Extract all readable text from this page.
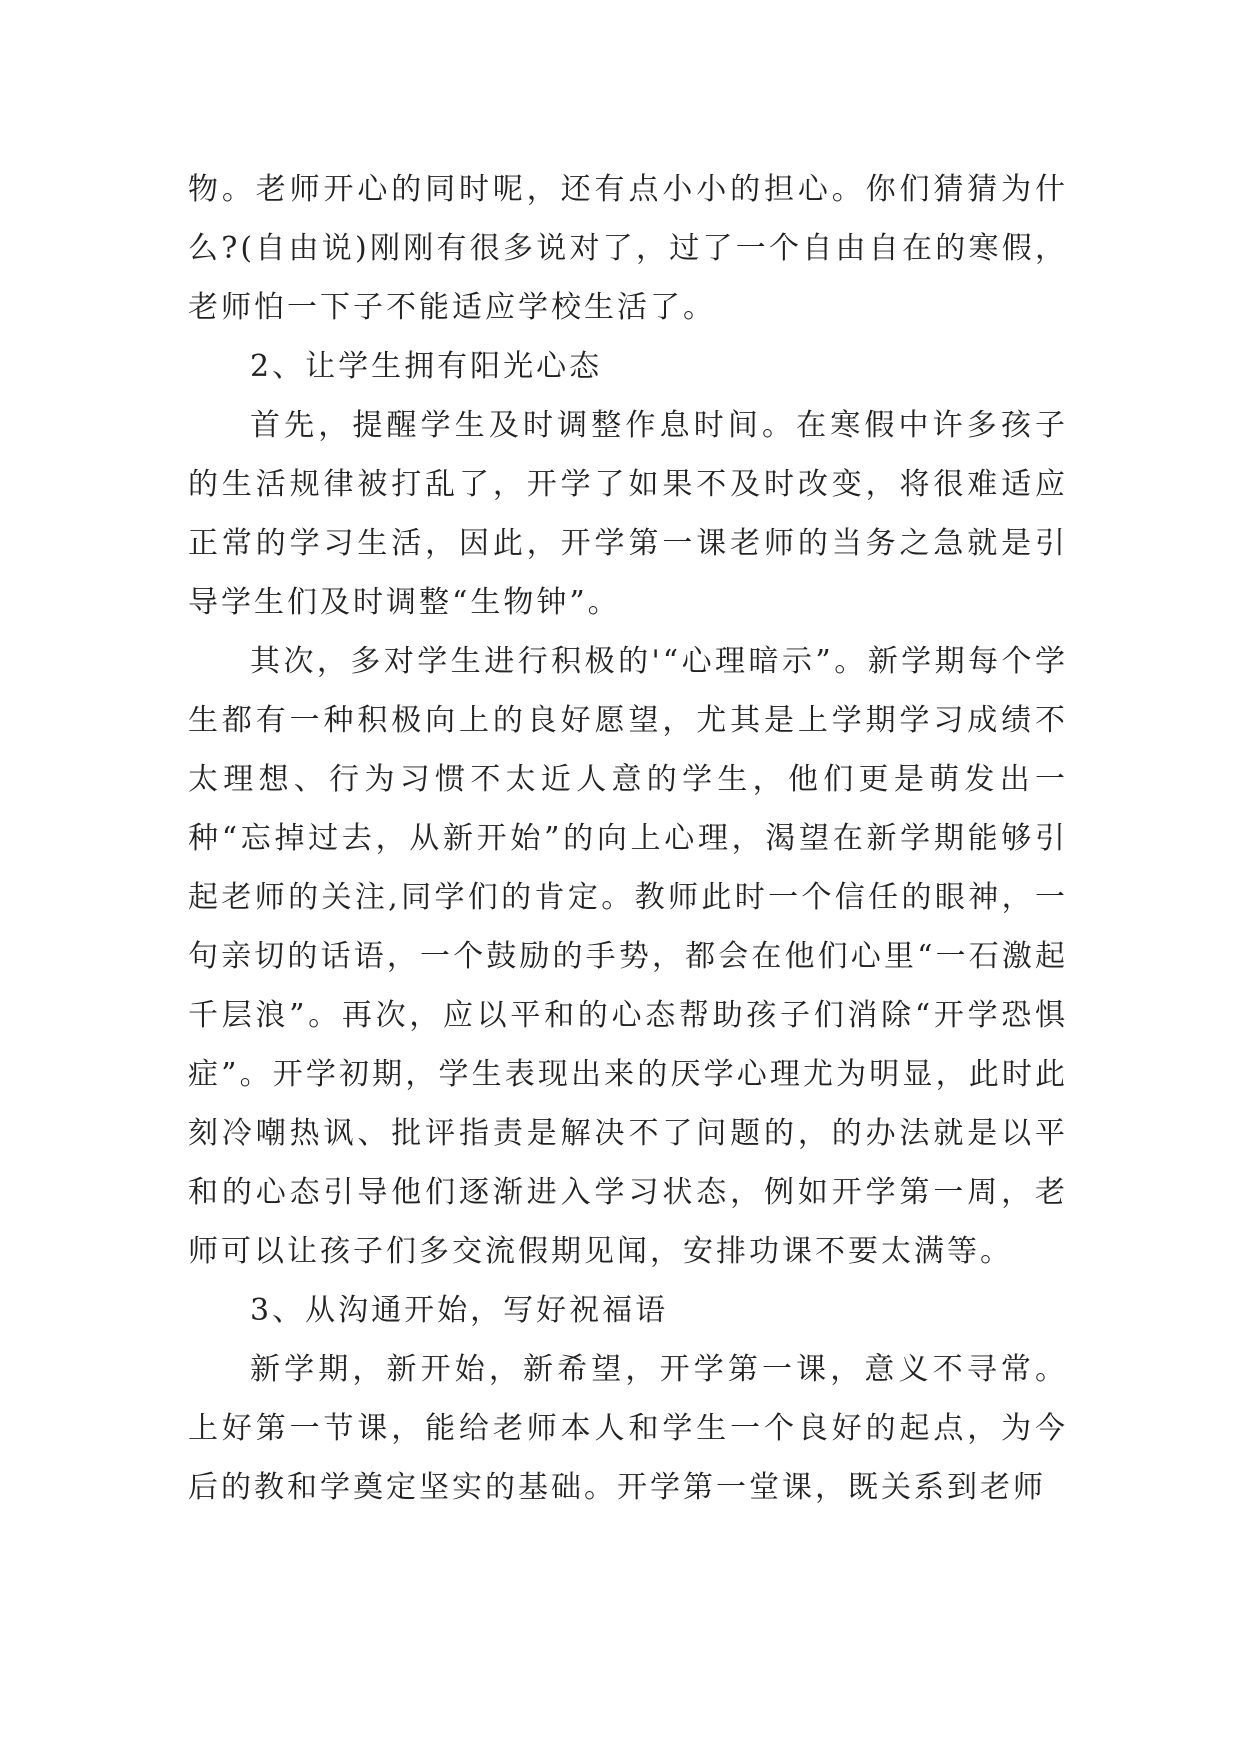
物。老师开心的同时呢，还有点小小的担心。你们猜猜为什么?(自由说)刚刚有很多说对了，过了一个自由自在的寒假，老师怕一下子不能适应学校生活了。

2、让学生拥有阳光心态

首先，提醒学生及时调整作息时间。在寒假中许多孩子的生活规律被打乱了，开学了如果不及时改变，将很难适应正常的学习生活，因此，开学第一课老师的当务之急就是引导学生们及时调整“生物钟”。

其次，多对学生进行积极的'“心理暗示”。新学期每个学生都有一种积极向上的良好愿望，尤其是上学期学习成绩不太理想、行为习惯不太近人意的学生，他们更是萌发出一种“忘掉过去，从新开始”的向上心理，渴望在新学期能够引起老师的关注,同学们的肯定。教师此时一个信任的眼神，一句亲切的话语，一个鼓励的手势，都会在他们心里“一石激起千层浪”。再次，应以平和的心态帮助孩子们消除“开学恐惧症”。开学初期，学生表现出来的厌学心理尤为明显，此时此刻冷嘲热讽、批评指责是解决不了问题的，的办法就是以平和的心态引导他们逐渐进入学习状态，例如开学第一周，老师可以让孩子们多交流假期见闻，安排功课不要太满等。

3、从沟通开始，写好祝福语

新学期，新开始，新希望，开学第一课，意义不寻常。上好第一节课，能给老师本人和学生一个良好的起点，为今后的教和学奠定坚实的基础。开学第一堂课，既关系到老师
